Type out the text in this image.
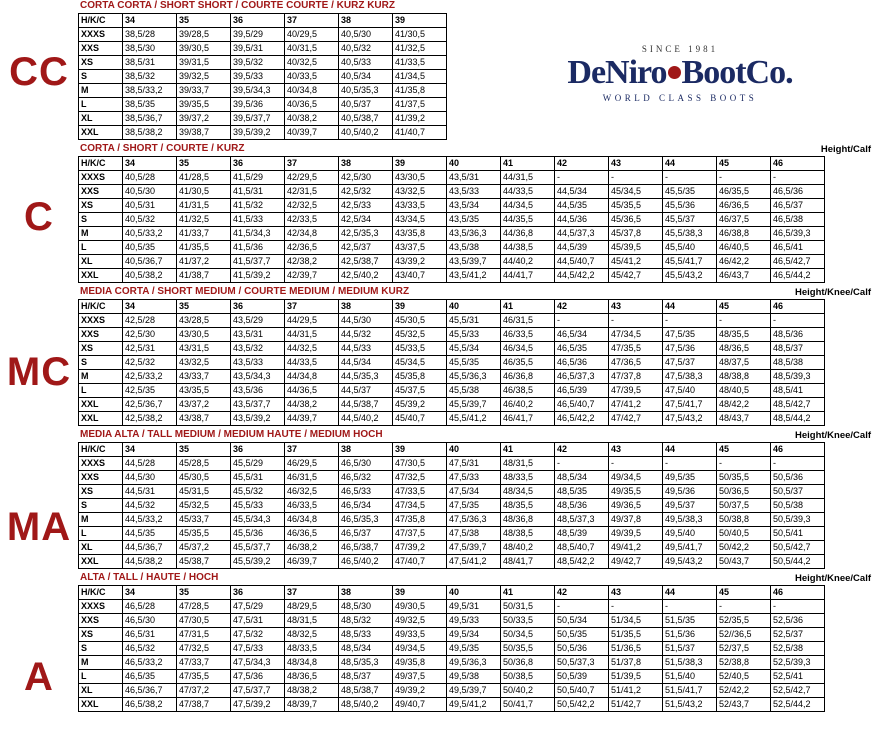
CC
C
MC
MA
A
SINCE 1981
DeNiro BootCo.
WORLD CLASS BOOTS
CORTA CORTA / SHORT SHORT / COURTE COURTE / KURZ KURZ
H/K/C	34	35	36	37	38	39
XXXS	38,5/28	39/28,5	39,5/29	40/29,5	40,5/30	41/30,5
XXS	38,5/30	39/30,5	39,5/31	40/31,5	40,5/32	41/32,5
XS	38,5/31	39/31,5	39,5/32	40/32,5	40,5/33	41/33,5
S	38,5/32	39/32,5	39,5/33	40/33,5	40,5/34	41/34,5
M	38,5/33,2	39/33,7	39,5/34,3	40/34,8	40,5/35,3	41/35,8
L	38,5/35	39/35,5	39,5/36	40/36,5	40,5/37	41/37,5
XL	38,5/36,7	39/37,2	39,5/37,7	40/38,2	40,5/38,7	41/39,2
XXL	38,5/38,2	39/38,7	39,5/39,2	40/39,7	40,5/40,2	41/40,7
CORTA / SHORT / COURTE / KURZ	Height/Calf
H/K/C	34	35	36	37	38	39	40	41	42	43	44	45	46
XXXS	40,5/28	41/28,5	41,5/29	42/29,5	42,5/30	43/30,5	43,5/31	44/31,5	-	-	-	-	-
XXS	40,5/30	41/30,5	41,5/31	42/31,5	42,5/32	43/32,5	43,5/33	44/33,5	44,5/34	45/34,5	45,5/35	46/35,5	46,5/36
XS	40,5/31	41/31,5	41,5/32	42/32,5	42,5/33	43/33,5	43,5/34	44/34,5	44,5/35	45/35,5	45,5/36	46/36,5	46,5/37
S	40,5/32	41/32,5	41,5/33	42/33,5	42,5/34	43/34,5	43,5/35	44/35,5	44,5/36	45/36,5	45,5/37	46/37,5	46,5/38
M	40,5/33,2	41/33,7	41,5/34,3	42/34,8	42,5/35,3	43/35,8	43,5/36,3	44/36,8	44,5/37,3	45/37,8	45,5/38,3	46/38,8	46,5/39,3
L	40,5/35	41/35,5	41,5/36	42/36,5	42,5/37	43/37,5	43,5/38	44/38,5	44,5/39	45/39,5	45,5/40	46/40,5	46,5/41
XL	40,5/36,7	41/37,2	41,5/37,7	42/38,2	42,5/38,7	43/39,2	43,5/39,7	44/40,2	44,5/40,7	45/41,2	45,5/41,7	46/42,2	46,5/42,7
XXL	40,5/38,2	41/38,7	41,5/39,2	42/39,7	42,5/40,2	43/40,7	43,5/41,2	44/41,7	44,5/42,2	45/42,7	45,5/43,2	46/43,7	46,5/44,2
MEDIA CORTA / SHORT MEDIUM / COURTE MEDIUM / MEDIUM KURZ	Height/Knee/Calf
H/K/C	34	35	36	37	38	39	40	41	42	43	44	45	46
XXXS	42,5/28	43/28,5	43,5/29	44/29,5	44,5/30	45/30,5	45,5/31	46/31,5	-	-	-	-	-
XXS	42,5/30	43/30,5	43,5/31	44/31,5	44,5/32	45/32,5	45,5/33	46/33,5	46,5/34	47/34,5	47,5/35	48/35,5	48,5/36
XS	42,5/31	43/31,5	43,5/32	44/32,5	44,5/33	45/33,5	45,5/34	46/34,5	46,5/35	47/35,5	47,5/36	48/36,5	48,5/37
S	42,5/32	43/32,5	43,5/33	44/33,5	44,5/34	45/34,5	45,5/35	46/35,5	46,5/36	47/36,5	47,5/37	48/37,5	48,5/38
M	42,5/33,2	43/33,7	43,5/34,3	44/34,8	44,5/35,3	45/35,8	45,5/36,3	46/36,8	46,5/37,3	47/37,8	47,5/38,3	48/38,8	48,5/39,3
L	42,5/35	43/35,5	43,5/36	44/36,5	44,5/37	45/37,5	45,5/38	46/38,5	46,5/39	47/39,5	47,5/40	48/40,5	48,5/41
XXL	42,5/36,7	43/37,2	43,5/37,7	44/38,2	44,5/38,7	45/39,2	45,5/39,7	46/40,2	46,5/40,7	47/41,2	47,5/41,7	48/42,2	48,5/42,7
XXL	42,5/38,2	43/38,7	43,5/39,2	44/39,7	44,5/40,2	45/40,7	45,5/41,2	46/41,7	46,5/42,2	47/42,7	47,5/43,2	48/43,7	48,5/44,2
MEDIA ALTA / TALL MEDIUM / MEDIUM HAUTE / MEDIUM HOCH	Height/Knee/Calf
H/K/C	34	35	36	37	38	39	40	41	42	43	44	45	46
XXXS	44,5/28	45/28,5	45,5/29	46/29,5	46,5/30	47/30,5	47,5/31	48/31,5	-	-	-	-	-
XXS	44,5/30	45/30,5	45,5/31	46/31,5	46,5/32	47/32,5	47,5/33	48/33,5	48,5/34	49/34,5	49,5/35	50/35,5	50,5/36
XS	44,5/31	45/31,5	45,5/32	46/32,5	46,5/33	47/33,5	47,5/34	48/34,5	48,5/35	49/35,5	49,5/36	50/36,5	50,5/37
S	44,5/32	45/32,5	45,5/33	46/33,5	46,5/34	47/34,5	47,5/35	48/35,5	48,5/36	49/36,5	49,5/37	50/37,5	50,5/38
M	44,5/33,2	45/33,7	45,5/34,3	46/34,8	46,5/35,3	47/35,8	47,5/36,3	48/36,8	48,5/37,3	49/37,8	49,5/38,3	50/38,8	50,5/39,3
L	44,5/35	45/35,5	45,5/36	46/36,5	46,5/37	47/37,5	47,5/38	48/38,5	48,5/39	49/39,5	49,5/40	50/40,5	50,5/41
XL	44,5/36,7	45/37,2	45,5/37,7	46/38,2	46,5/38,7	47/39,2	47,5/39,7	48/40,2	48,5/40,7	49/41,2	49,5/41,7	50/42,2	50,5/42,7
XXL	44,5/38,2	45/38,7	45,5/39,2	46/39,7	46,5/40,2	47/40,7	47,5/41,2	48/41,7	48,5/42,2	49/42,7	49,5/43,2	50/43,7	50,5/44,2
ALTA / TALL / HAUTE / HOCH	Height/Knee/Calf
H/K/C	34	35	36	37	38	39	40	41	42	43	44	45	46
XXXS	46,5/28	47/28,5	47,5/29	48/29,5	48,5/30	49/30,5	49,5/31	50/31,5	-	-	-	-	-
XXS	46,5/30	47/30,5	47,5/31	48/31,5	48,5/32	49/32,5	49,5/33	50/33,5	50,5/34	51/34,5	51,5/35	52/35,5	52,5/36
XS	46,5/31	47/31,5	47,5/32	48/32,5	48,5/33	49/33,5	49,5/34	50/34,5	50,5/35	51/35,5	51,5/36	52//36,5	52,5/37
S	46,5/32	47/32,5	47,5/33	48/33,5	48,5/34	49/34,5	49,5/35	50/35,5	50,5/36	51/36,5	51,5/37	52/37,5	52,5/38
M	46,5/33,2	47/33,7	47,5/34,3	48/34,8	48,5/35,3	49/35,8	49,5/36,3	50/36,8	50,5/37,3	51/37,8	51,5/38,3	52/38,8	52,5/39,3
L	46,5/35	47/35,5	47,5/36	48/36,5	48,5/37	49/37,5	49,5/38	50/38,5	50,5/39	51/39,5	51,5/40	52/40,5	52,5/41
XL	46,5/36,7	47/37,2	47,5/37,7	48/38,2	48,5/38,7	49/39,2	49,5/39,7	50/40,2	50,5/40,7	51/41,2	51,5/41,7	52/42,2	52,5/42,7
XXL	46,5/38,2	47/38,7	47,5/39,2	48/39,7	48,5/40,2	49/40,7	49,5/41,2	50/41,7	50,5/42,2	51/42,7	51,5/43,2	52/43,7	52,5/44,2
